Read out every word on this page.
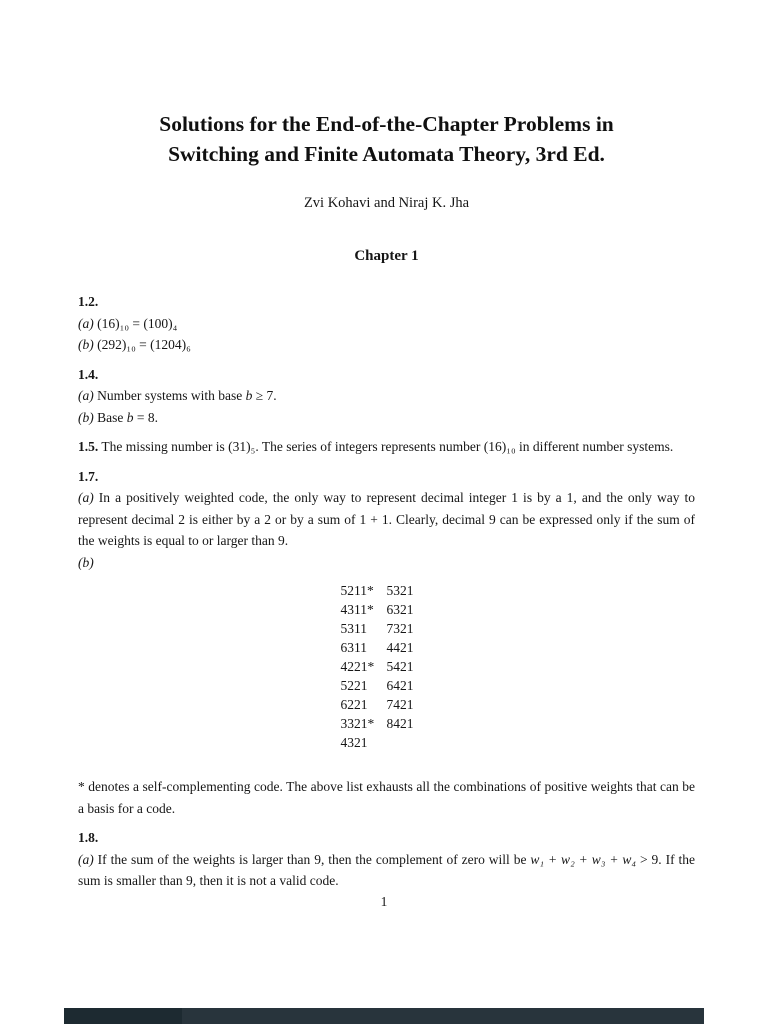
Solutions for the End-of-the-Chapter Problems in
Switching and Finite Automata Theory, 3rd Ed.
Zvi Kohavi and Niraj K. Jha
Chapter 1
1.2.
(a) (16)₁₀ = (100)₄
(b) (292)₁₀ = (1204)₆
1.4.
(a) Number systems with base b ≥ 7.
(b) Base b = 8.
1.5. The missing number is (31)₅. The series of integers represents number (16)₁₀ in different number systems.
1.7.
(a) In a positively weighted code, the only way to represent decimal integer 1 is by a 1, and the only way to represent decimal 2 is either by a 2 or by a sum of 1 + 1. Clearly, decimal 9 can be expressed only if the sum of the weights is equal to or larger than 9.
(b)
5211* 5321
4311* 6321
5311	7321
6311	4421
4221* 5421
5221	6421
6221	7421
3321* 8421
4321
* denotes a self-complementing code. The above list exhausts all the combinations of positive weights that can be a basis for a code.
1.8.
(a) If the sum of the weights is larger than 9, then the complement of zero will be w₁ + w₂ + w₃ + w₄ > 9. If the sum is smaller than 9, then it is not a valid code.
1
